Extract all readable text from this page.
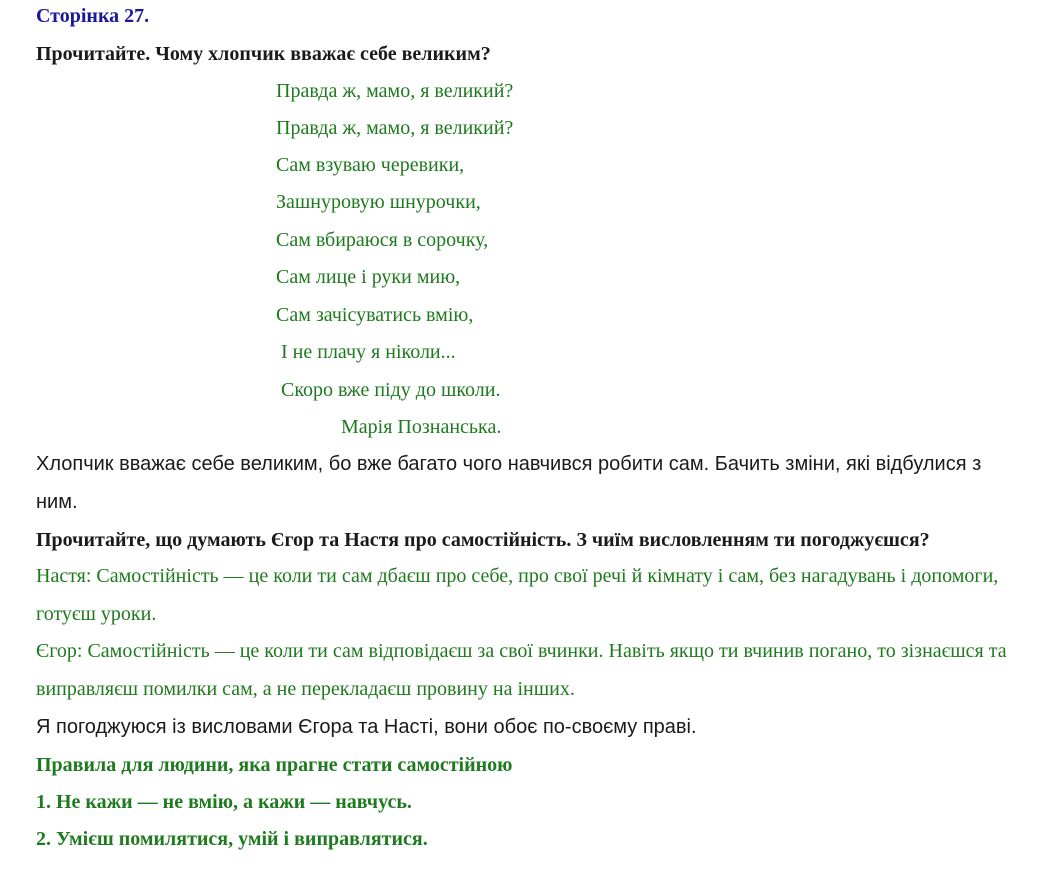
Сторінка 27.
Прочитайте. Чому хлопчик вважає себе великим?
Правда ж, мамо, я великий?
Правда ж, мамо, я великий?
Сам взуваю черевики,
Зашнуровую шнурочки,
Сам вбираюся в сорочку,
Сам лице і руки мию,
Сам зачісуватись вмію,
І не плачу я ніколи...
Скоро вже піду до школи.
Марія Познанська.
Хлопчик вважає себе великим, бо вже багато чого навчився робити сам. Бачить зміни, які відбулися з ним.
Прочитайте, що думають Єгор та Настя про самостійність. З чиїм висловленням ти погоджуєшся?
Настя: Самостійність — це коли ти сам дбаєш про себе, про свої речі й кімнату і сам, без нагадувань і допомоги, готуєш уроки.
Єгор: Самостійність — це коли ти сам відповідаєш за свої вчинки. Навіть якщо ти вчинив погано, то зізнаєшся та виправляєш помилки сам, а не перекладаєш провину на інших.
Я погоджуюся із висловами Єгора та Насті, вони обоє по-своєму праві.
Правила для людини, яка прагне стати самостійною
1. Не кажи — не вмію, а кажи — навчусь.
2. Умієш помилятися, умій і виправлятися.
